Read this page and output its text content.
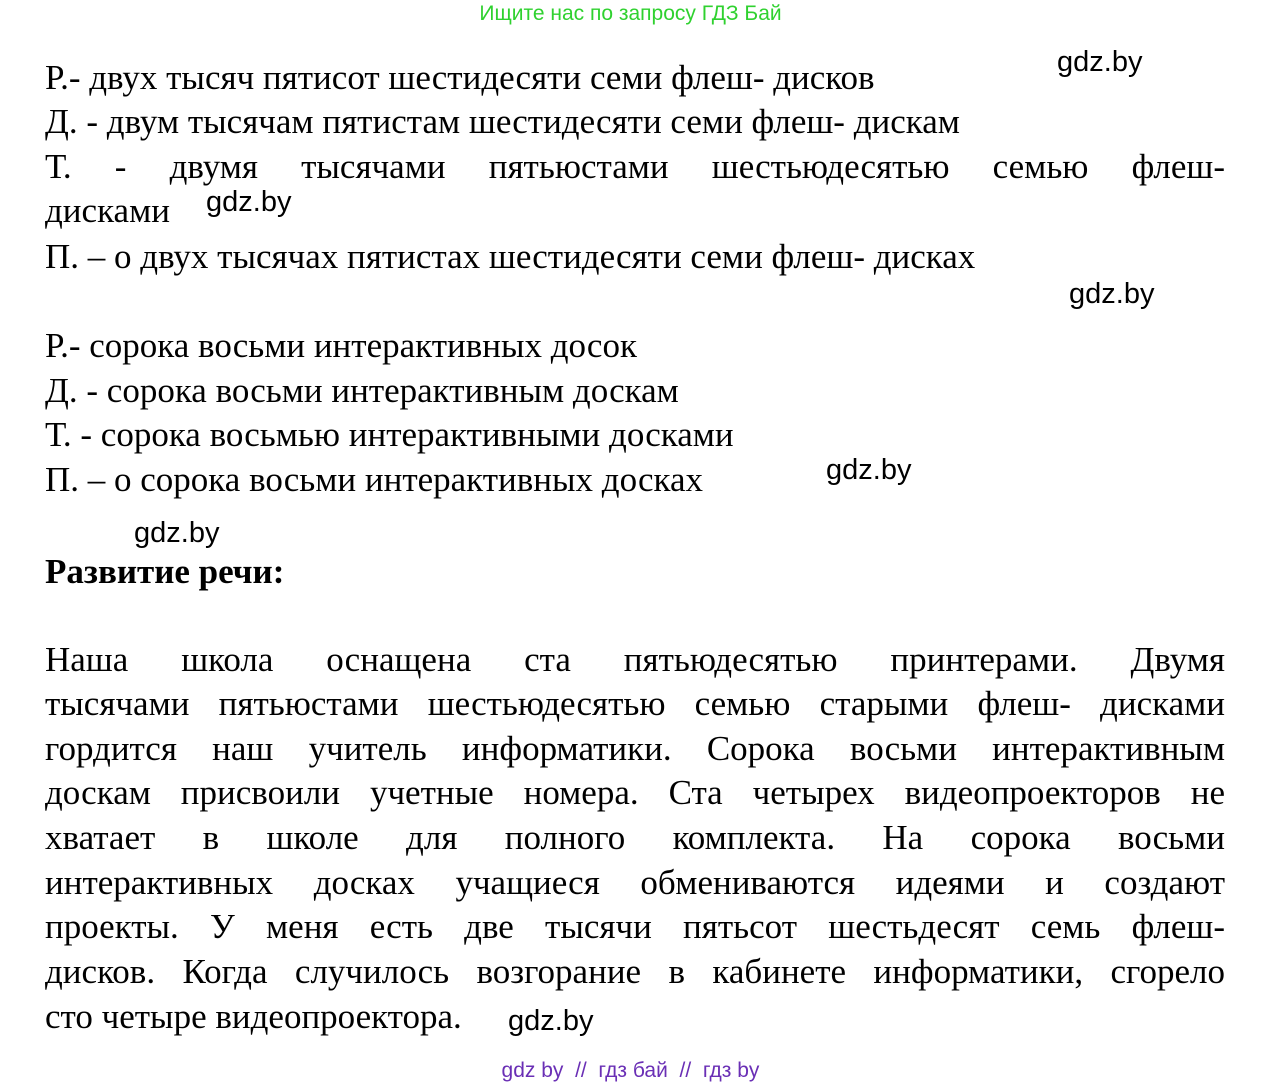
Ищите нас по запросу ГДЗ Бай
Р.- двух тысяч пятисот шестидесяти семи флеш- дисков
Д. - двум тысячам пятистам шестидесяти семи флеш- дискам
Т. - двумя тысячами пятьюстами шестьюдесятью семью флеш-
дисками
П. – о двух тысячах пятистах шестидесяти семи флеш- дисках
Р.- сорока восьми интерактивных досок
Д. - сорока восьми интерактивным доскам
Т. - сорока восьмью интерактивными досками
П. – о сорока восьми интерактивных досках
Развитие речи:
Наша школа оснащена ста пятьюдесятью принтерами. Двумя
тысячами пятьюстами шестьюдесятью семью старыми флеш- дисками
гордится наш учитель информатики. Сорока восьми интерактивным
доскам присвоили учетные номера. Ста четырех видеопроекторов не
хватает в школе для полного комплекта. На сорока восьми
интерактивных досках учащиеся обмениваются идеями и создают
проекты. У меня есть две тысячи пятьсот шестьдесят семь флеш-
дисков. Когда случилось возгорание в кабинете информатики, сгорело
сто четыре видеопроектора.
gdz.by
gdz.by
gdz.by
gdz.by
gdz.by
gdz.by
gdz by  //  гдз бай  //  гдз by
